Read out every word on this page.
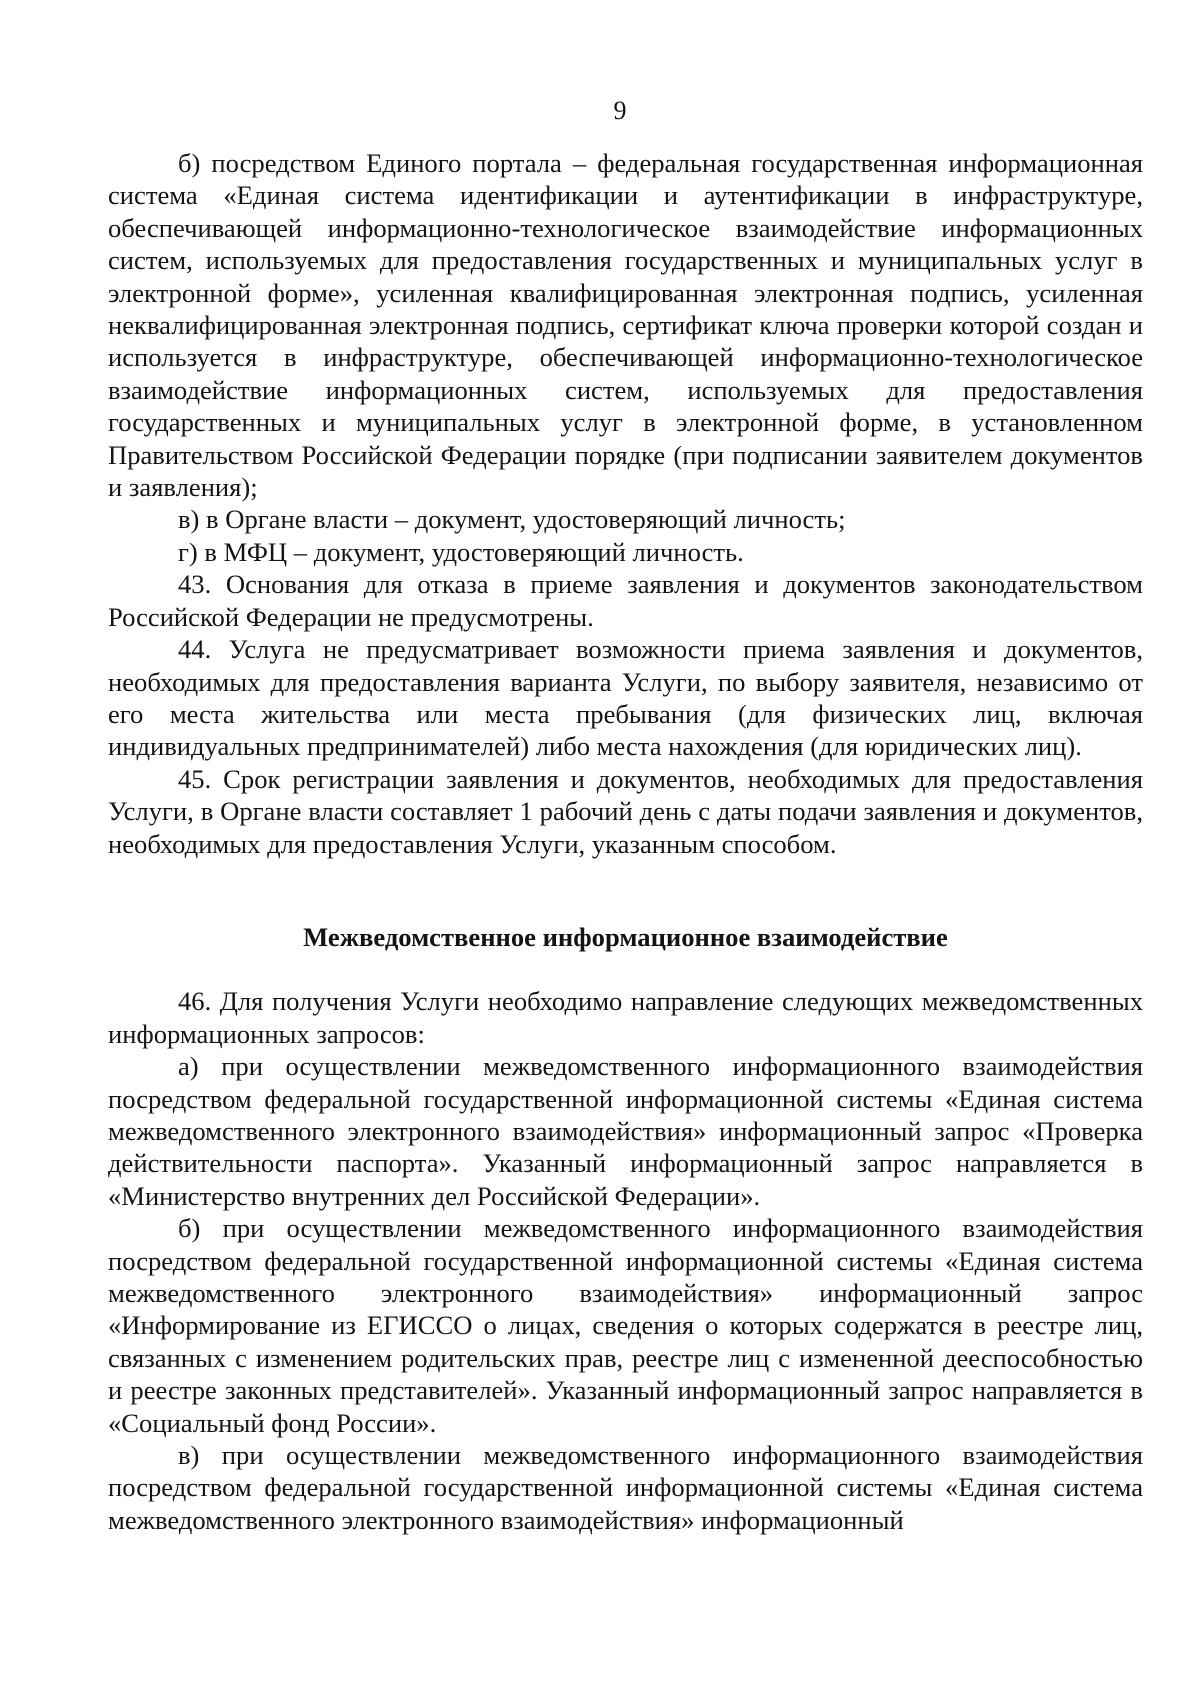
9

б) посредством Единого портала – федеральная государственная информационная система «Единая система идентификации и аутентификации в инфраструктуре, обеспечивающей информационно-технологическое взаимодействие информационных систем, используемых для предоставления государственных и муниципальных услуг в электронной форме», усиленная квалифицированная электронная подпись, усиленная неквалифицированная электронная подпись, сертификат ключа проверки которой создан и используется в инфраструктуре, обеспечивающей информационно-технологическое взаимодействие информационных систем, используемых для предоставления государственных и муниципальных услуг в электронной форме, в установленном Правительством Российской Федерации порядке (при подписании заявителем документов и заявления);

в) в Органе власти – документ, удостоверяющий личность;

г) в МФЦ – документ, удостоверяющий личность.

43. Основания для отказа в приеме заявления и документов законодательством Российской Федерации не предусмотрены.

44. Услуга не предусматривает возможности приема заявления и документов, необходимых для предоставления варианта Услуги, по выбору заявителя, независимо от его места жительства или места пребывания (для физических лиц, включая индивидуальных предпринимателей) либо места нахождения (для юридических лиц).

45. Срок регистрации заявления и документов, необходимых для предоставления Услуги, в Органе власти составляет 1 рабочий день с даты подачи заявления и документов, необходимых для предоставления Услуги, указанным способом.

Межведомственное информационное взаимодействие

46. Для получения Услуги необходимо направление следующих межведомственных информационных запросов:

а) при осуществлении межведомственного информационного взаимодействия посредством федеральной государственной информационной системы «Единая система межведомственного электронного взаимодействия» информационный запрос «Проверка действительности паспорта». Указанный информационный запрос направляется в «Министерство внутренних дел Российской Федерации».

б) при осуществлении межведомственного информационного взаимодействия посредством федеральной государственной информационной системы «Единая система межведомственного электронного взаимодействия» информационный запрос «Информирование из ЕГИССО о лицах, сведения о которых содержатся в реестре лиц, связанных с изменением родительских прав, реестре лиц с измененной дееспособностью и реестре законных представителей». Указанный информационный запрос направляется в «Социальный фонд России».

в) при осуществлении межведомственного информационного взаимодействия посредством федеральной государственной информационной системы «Единая система межведомственного электронного взаимодействия» информационный
